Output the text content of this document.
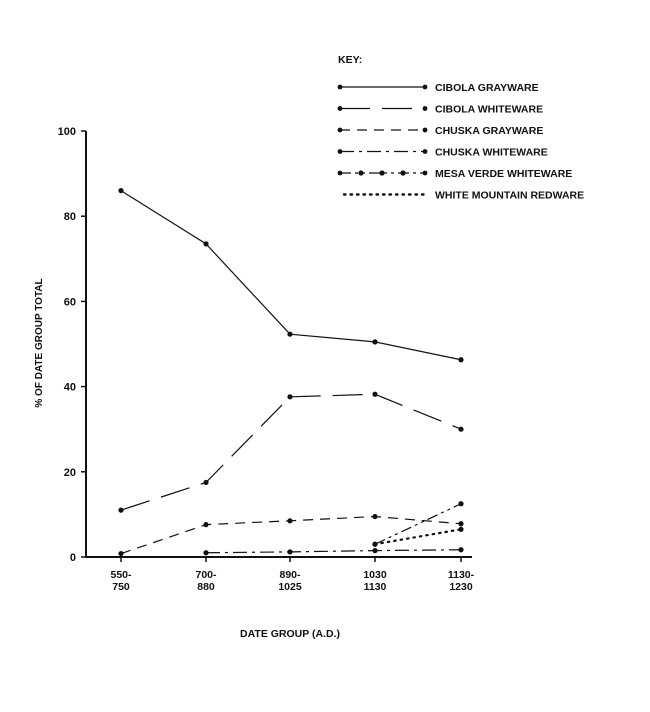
0
20
40
60
80
100
550-
750
700-
880
890-
1025
1030
1130
1130-
1230
CIBOLA GRAYWARE
CIBOLA WHITEWARE
CHUSKA GRAYWARE
CHUSKA WHITEWARE
MESA VERDE WHITEWARE
WHITE MOUNTAIN REDWARE
DATE GROUP (A.D.)
% OF DATE GROUP TOTAL
KEY:
